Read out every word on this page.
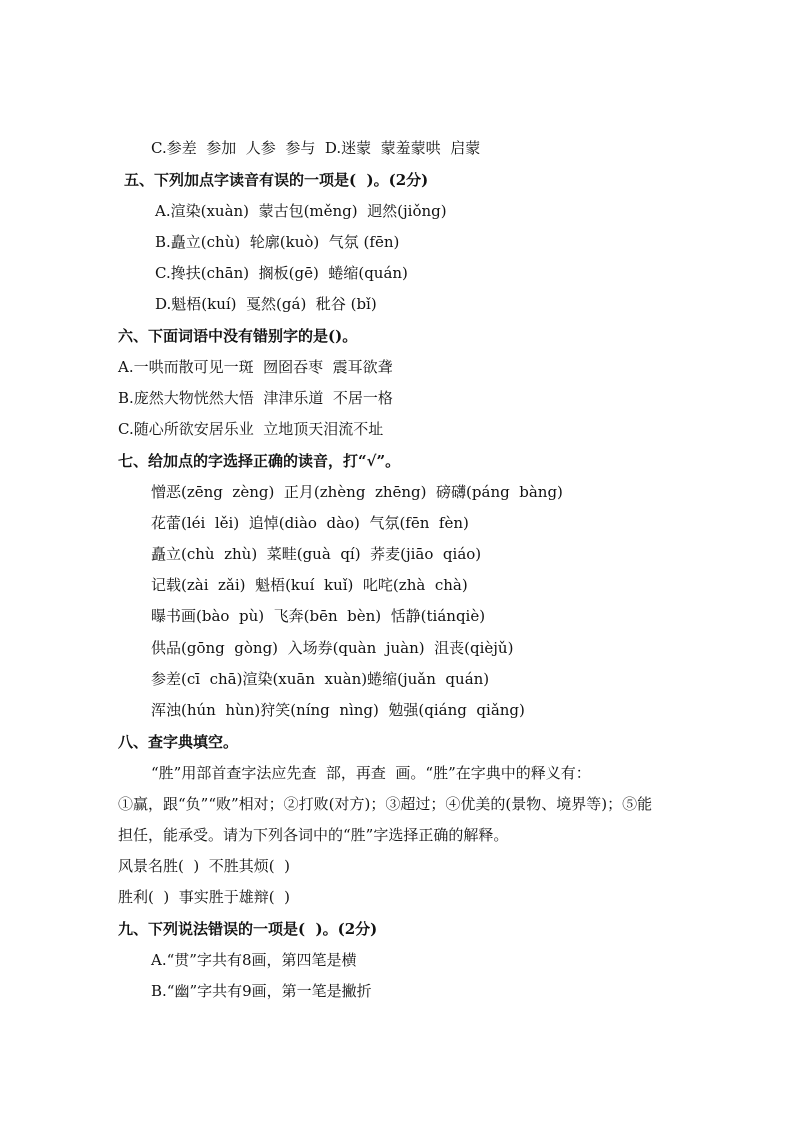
C.参差  参加  人参  参与  D.迷蒙  蒙羞蒙哄  启蒙
五、下列加点字读音有误的一项是(  )。(2分)
A.渲染(xuàn)  蒙古包(měng)  迥然(jiǒng)
B.矗立(chù)  轮廓(kuò)  气氛 (fēn)
C.搀扶(chān)  搁板(gē)  蜷缩(quán)
D.魁梧(kuí)  戛然(gá)  秕谷 (bǐ)
六、下面词语中没有错别字的是()。
A.一哄而散可见一斑  囫囵吞枣  震耳欲聋
B.庞然大物恍然大悟  津津乐道  不居一格
C.随心所欲安居乐业  立地顶天泪流不址
七、给加点的字选择正确的读音，打“√”。
憎恶(zēng  zèng)  正月(zhèng  zhēng)  磅礴(páng  bàng)
花蕾(léi  lěi)  追悼(diào  dào)  气氛(fēn  fèn)
矗立(chù  zhù)  菜畦(guà  qí)  荞麦(jiāo  qiáo)
记载(zài  zǎi)  魁梧(kuí  kuǐ)  叱咤(zhà  chà)
曝书画(bào  pù)  飞奔(bēn  bèn)  恬静(tiánqiè)
供品(gōng  gòng)  入场券(quàn  juàn)  沮丧(qièjǔ)
参差(cī  chā)渲染(xuān  xuàn)蜷缩(juǎn  quán)
浑浊(hún  hùn)狩笑(níng  nìng)  勉强(qiáng  qiǎng)
八、查字典填空。
“胜”用部首查字法应先查  部，再查  画。“胜”在字典中的释义有：
①赢，跟“负”“败”相对；②打败(对方)；③超过；④优美的(景物、境界等)；⑤能
担任，能承受。请为下列各词中的“胜”字选择正确的解释。
风景名胜(  )  不胜其烦(  )
胜利(  )  事实胜于雄辩(  )
九、下列说法错误的一项是(  )。(2分)
A.“贯”字共有8画，第四笔是横
B.“幽”字共有9画，第一笔是撇折
